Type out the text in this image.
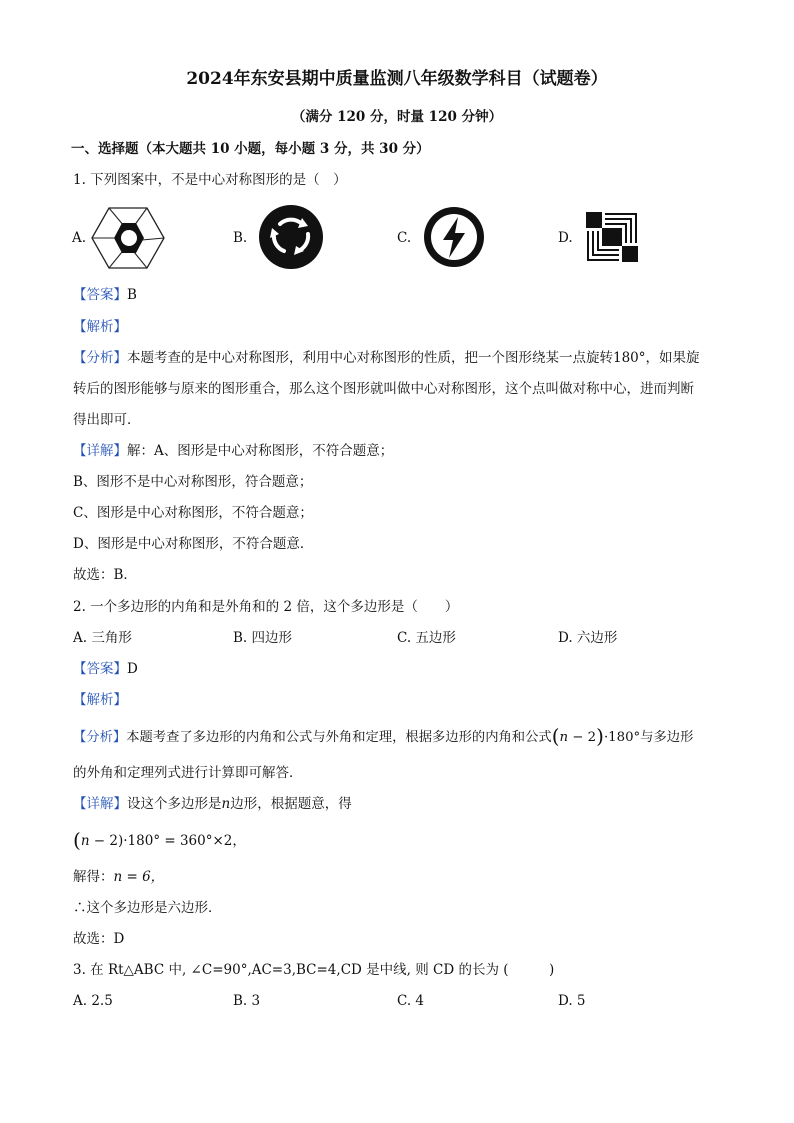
2024年东安县期中质量监测八年级数学科目（试题卷）
（满分 120 分，时量 120 分钟）
一、选择题（本大题共 10 小题，每小题 3 分，共 30 分）
1. 下列图案中，不是中心对称图形的是（　）
A.	B.	C.	D.
【答案】B
【解析】
【分析】本题考查的是中心对称图形，利用中心对称图形的性质，把一个图形绕某一点旋转180°，如果旋
转后的图形能够与原来的图形重合，那么这个图形就叫做中心对称图形，这个点叫做对称中心，进而判断
得出即可．
【详解】解：A、图形是中心对称图形，不符合题意；
B、图形不是中心对称图形，符合题意；
C、图形是中心对称图形，不符合题意；
D、图形是中心对称图形，不符合题意．
故选：B．
2. 一个多边形的内角和是外角和的 2 倍，这个多边形是（　　）
A. 三角形	B. 四边形	C. 五边形	D. 六边形
【答案】D
【解析】
【分析】本题考查了多边形的内角和公式与外角和定理，根据多边形的内角和公式(n − 2)·180°与多边形
的外角和定理列式进行计算即可解答．
【详解】设这个多边形是n边形，根据题意，得
(n − 2)·180° = 360°×2，
解得：n = 6，
∴这个多边形是六边形．
故选：D
3. 在 Rt△ABC 中, ∠C=90°,AC=3,BC=4,CD 是中线, 则 CD 的长为 (　　　)
A. 2.5	B. 3	C. 4	D. 5
